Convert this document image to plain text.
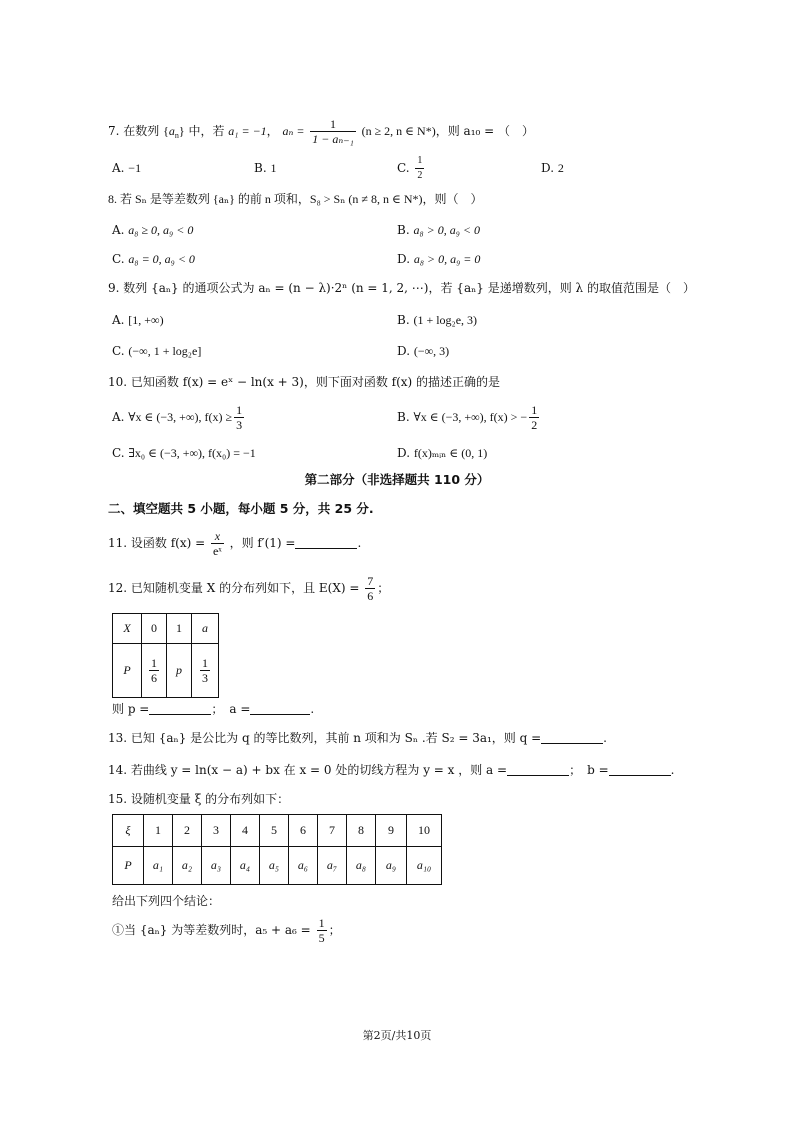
7. 在数列 $\{a_n\}$ 中，若 a₁ = −1， $a_n = \frac{1}{\text{1 − aₙ₋₁}} (n \ge 2$, n ∈ N*)，则 a₁₀ = （　）
A. −1	B. 1	C. $\frac{1}{2}$	D. 2
8. 若 Sₙ 是等差数列 {aₙ} 的前 n 项和，S₈ > Sₙ (n ≠ 8, n ∈ N*)，则（　）
A. a₈ ≥ 0, a₉ < 0	B. a₈ > 0, a₉ < 0
C. a₈ = 0, a₉ < 0	D. a₈ > 0, a₉ = 0
9. 数列 {aₙ} 的通项公式为 aₙ = (n − λ)·2ⁿ (n = 1, 2, ⋯)，若 {aₙ} 是递增数列，则 λ 的取值范围是（　）
A. [1, +∞)	B. (1 + log₂e, 3)
C. (−∞, 1 + log₂e]	D. (−∞, 3)
10. 已知函数 f(x) = eˣ − ln(x + 3)，则下面对函数 f(x) 的描述正确的是
A. ∀x ∈ (−3, +∞), $f(x) \ge \frac{1}{3}$	B. ∀x ∈ (−3, +∞), f(x) > − $\frac{1}{2}$
C. ∃x₀ ∈ (−3, +∞), f(x₀) = −1	D. f(x)ₘᵢₙ ∈ (0, 1)
第二部分（非选择题共 110 分）
二、填空题共 5 小题，每小题 5 分，共 25 分.
11. 设函数 $f(x) = \frac{x}{\text{eˣ}}$ ，则 f′(1) =	.
12. 已知随机变量 X 的分布列如下，且 $E(X) = \frac{7}{6}$ ；
X	0	1	a
P	$\frac{1}{6}$	p	$\frac{1}{3}$
则 p =	；　a =	.
13. 已知 {aₙ} 是公比为 q 的等比数列，其前 n 项和为 Sₙ .若 S₂ = 3a₁，则 q =	.
14. 若曲线 y = ln(x − a) + bx 在 x = 0 处的切线方程为 y = x ，则 a =	；　b =	.
15. 设随机变量 ξ 的分布列如下：
ξ	1	2	3	4	5	6	7	8	9	10
P	a₁	a₂	a₃	a₄	a₅	a₆	a₇	a₈	a₉	a₁₀
给出下列四个结论：
①当 {aₙ} 为等差数列时，$a_5 + a_6 = \frac{1}{5}$ ；
第2页/共10页
